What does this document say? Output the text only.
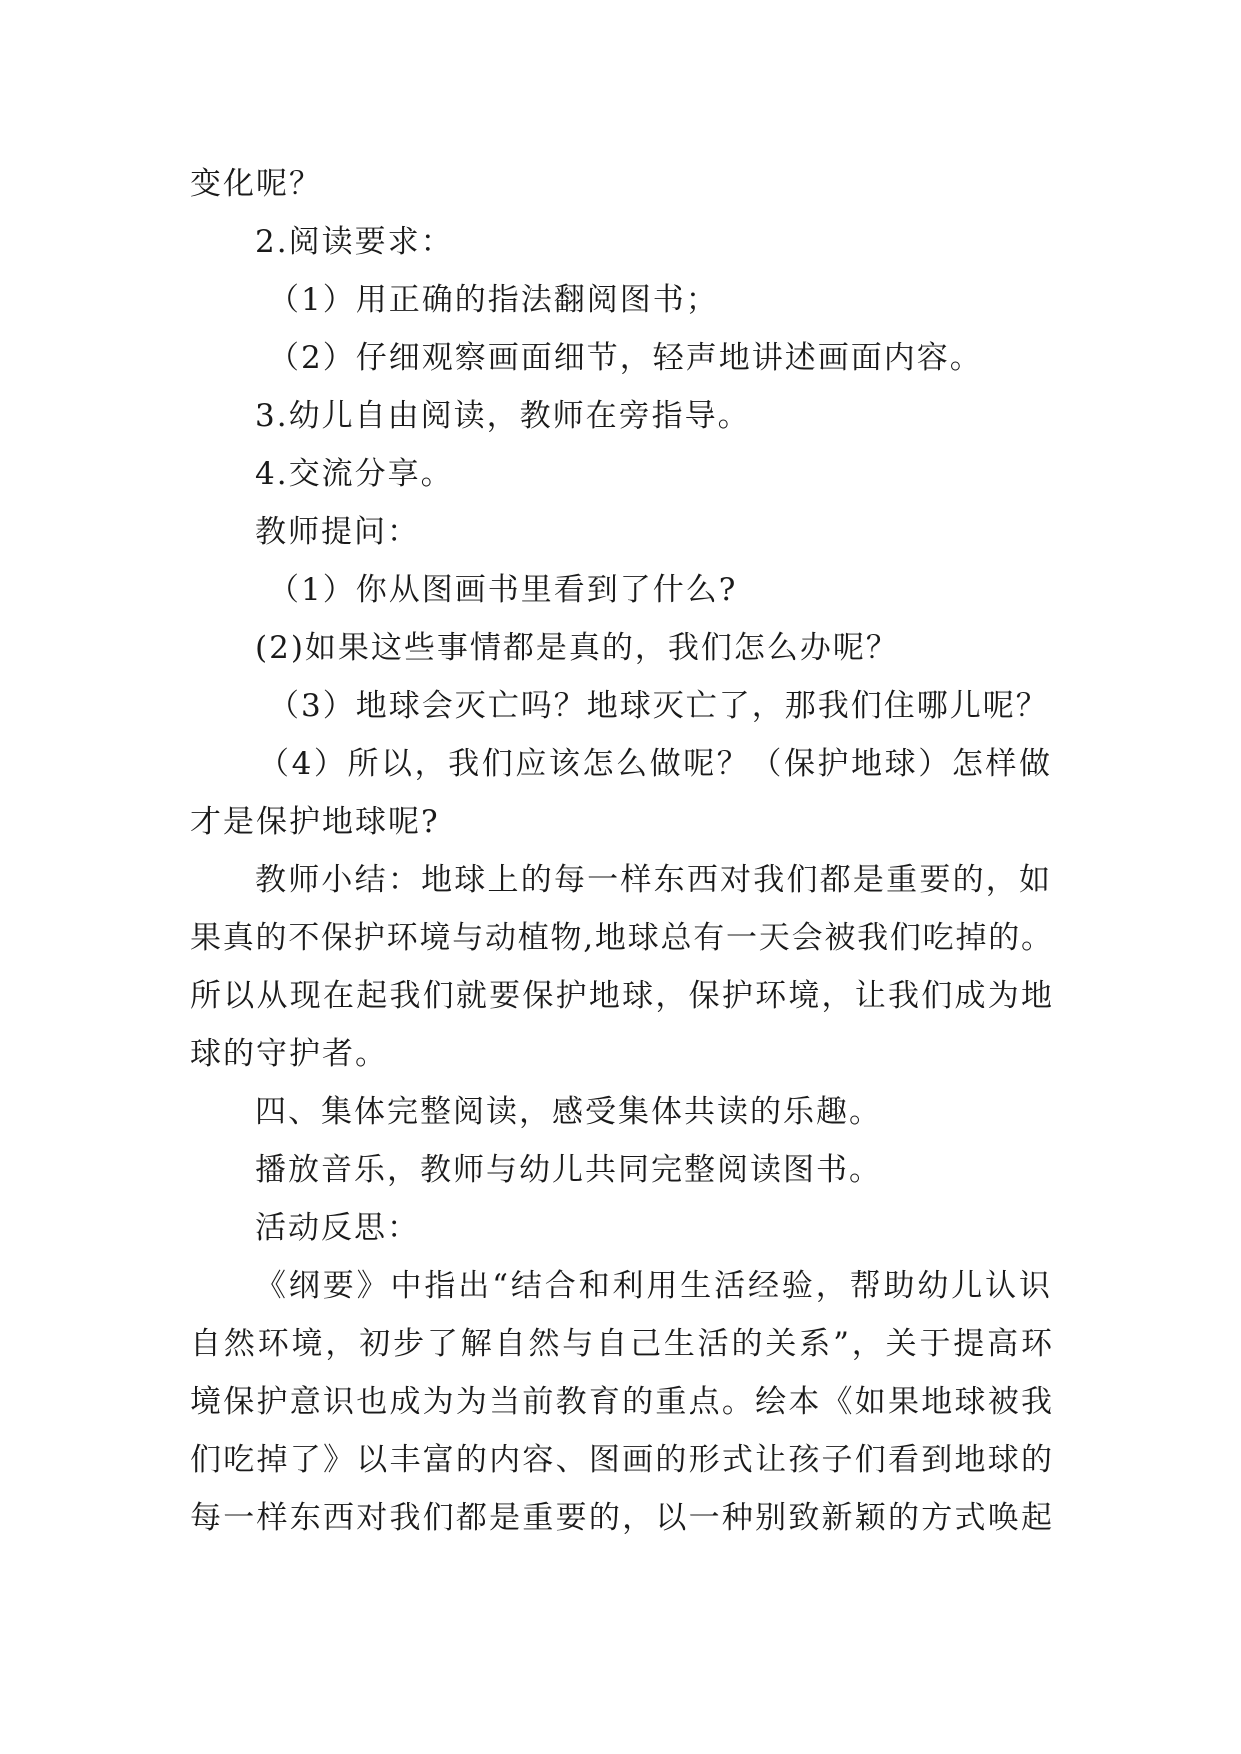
变化呢？
2.阅读要求：
（1）用正确的指法翻阅图书；
（2）仔细观察画面细节，轻声地讲述画面内容。
3.幼儿自由阅读，教师在旁指导。
4.交流分享。
教师提问：
（1）你从图画书里看到了什么?
(2)如果这些事情都是真的，我们怎么办呢？
（3）地球会灭亡吗？地球灭亡了，那我们住哪儿呢？
（4）所以，我们应该怎么做呢？（保护地球）怎样做
才是保护地球呢?
教师小结：地球上的每一样东西对我们都是重要的，如
果真的不保护环境与动植物,地球总有一天会被我们吃掉的。
所以从现在起我们就要保护地球，保护环境，让我们成为地
球的守护者。
四、集体完整阅读，感受集体共读的乐趣。
播放音乐，教师与幼儿共同完整阅读图书。
活动反思：
《纲要》中指出“结合和利用生活经验，帮助幼儿认识
自然环境，初步了解自然与自己生活的关系”，关于提高环
境保护意识也成为为当前教育的重点。绘本《如果地球被我
们吃掉了》以丰富的内容、图画的形式让孩子们看到地球的
每一样东西对我们都是重要的，以一种别致新颖的方式唤起
